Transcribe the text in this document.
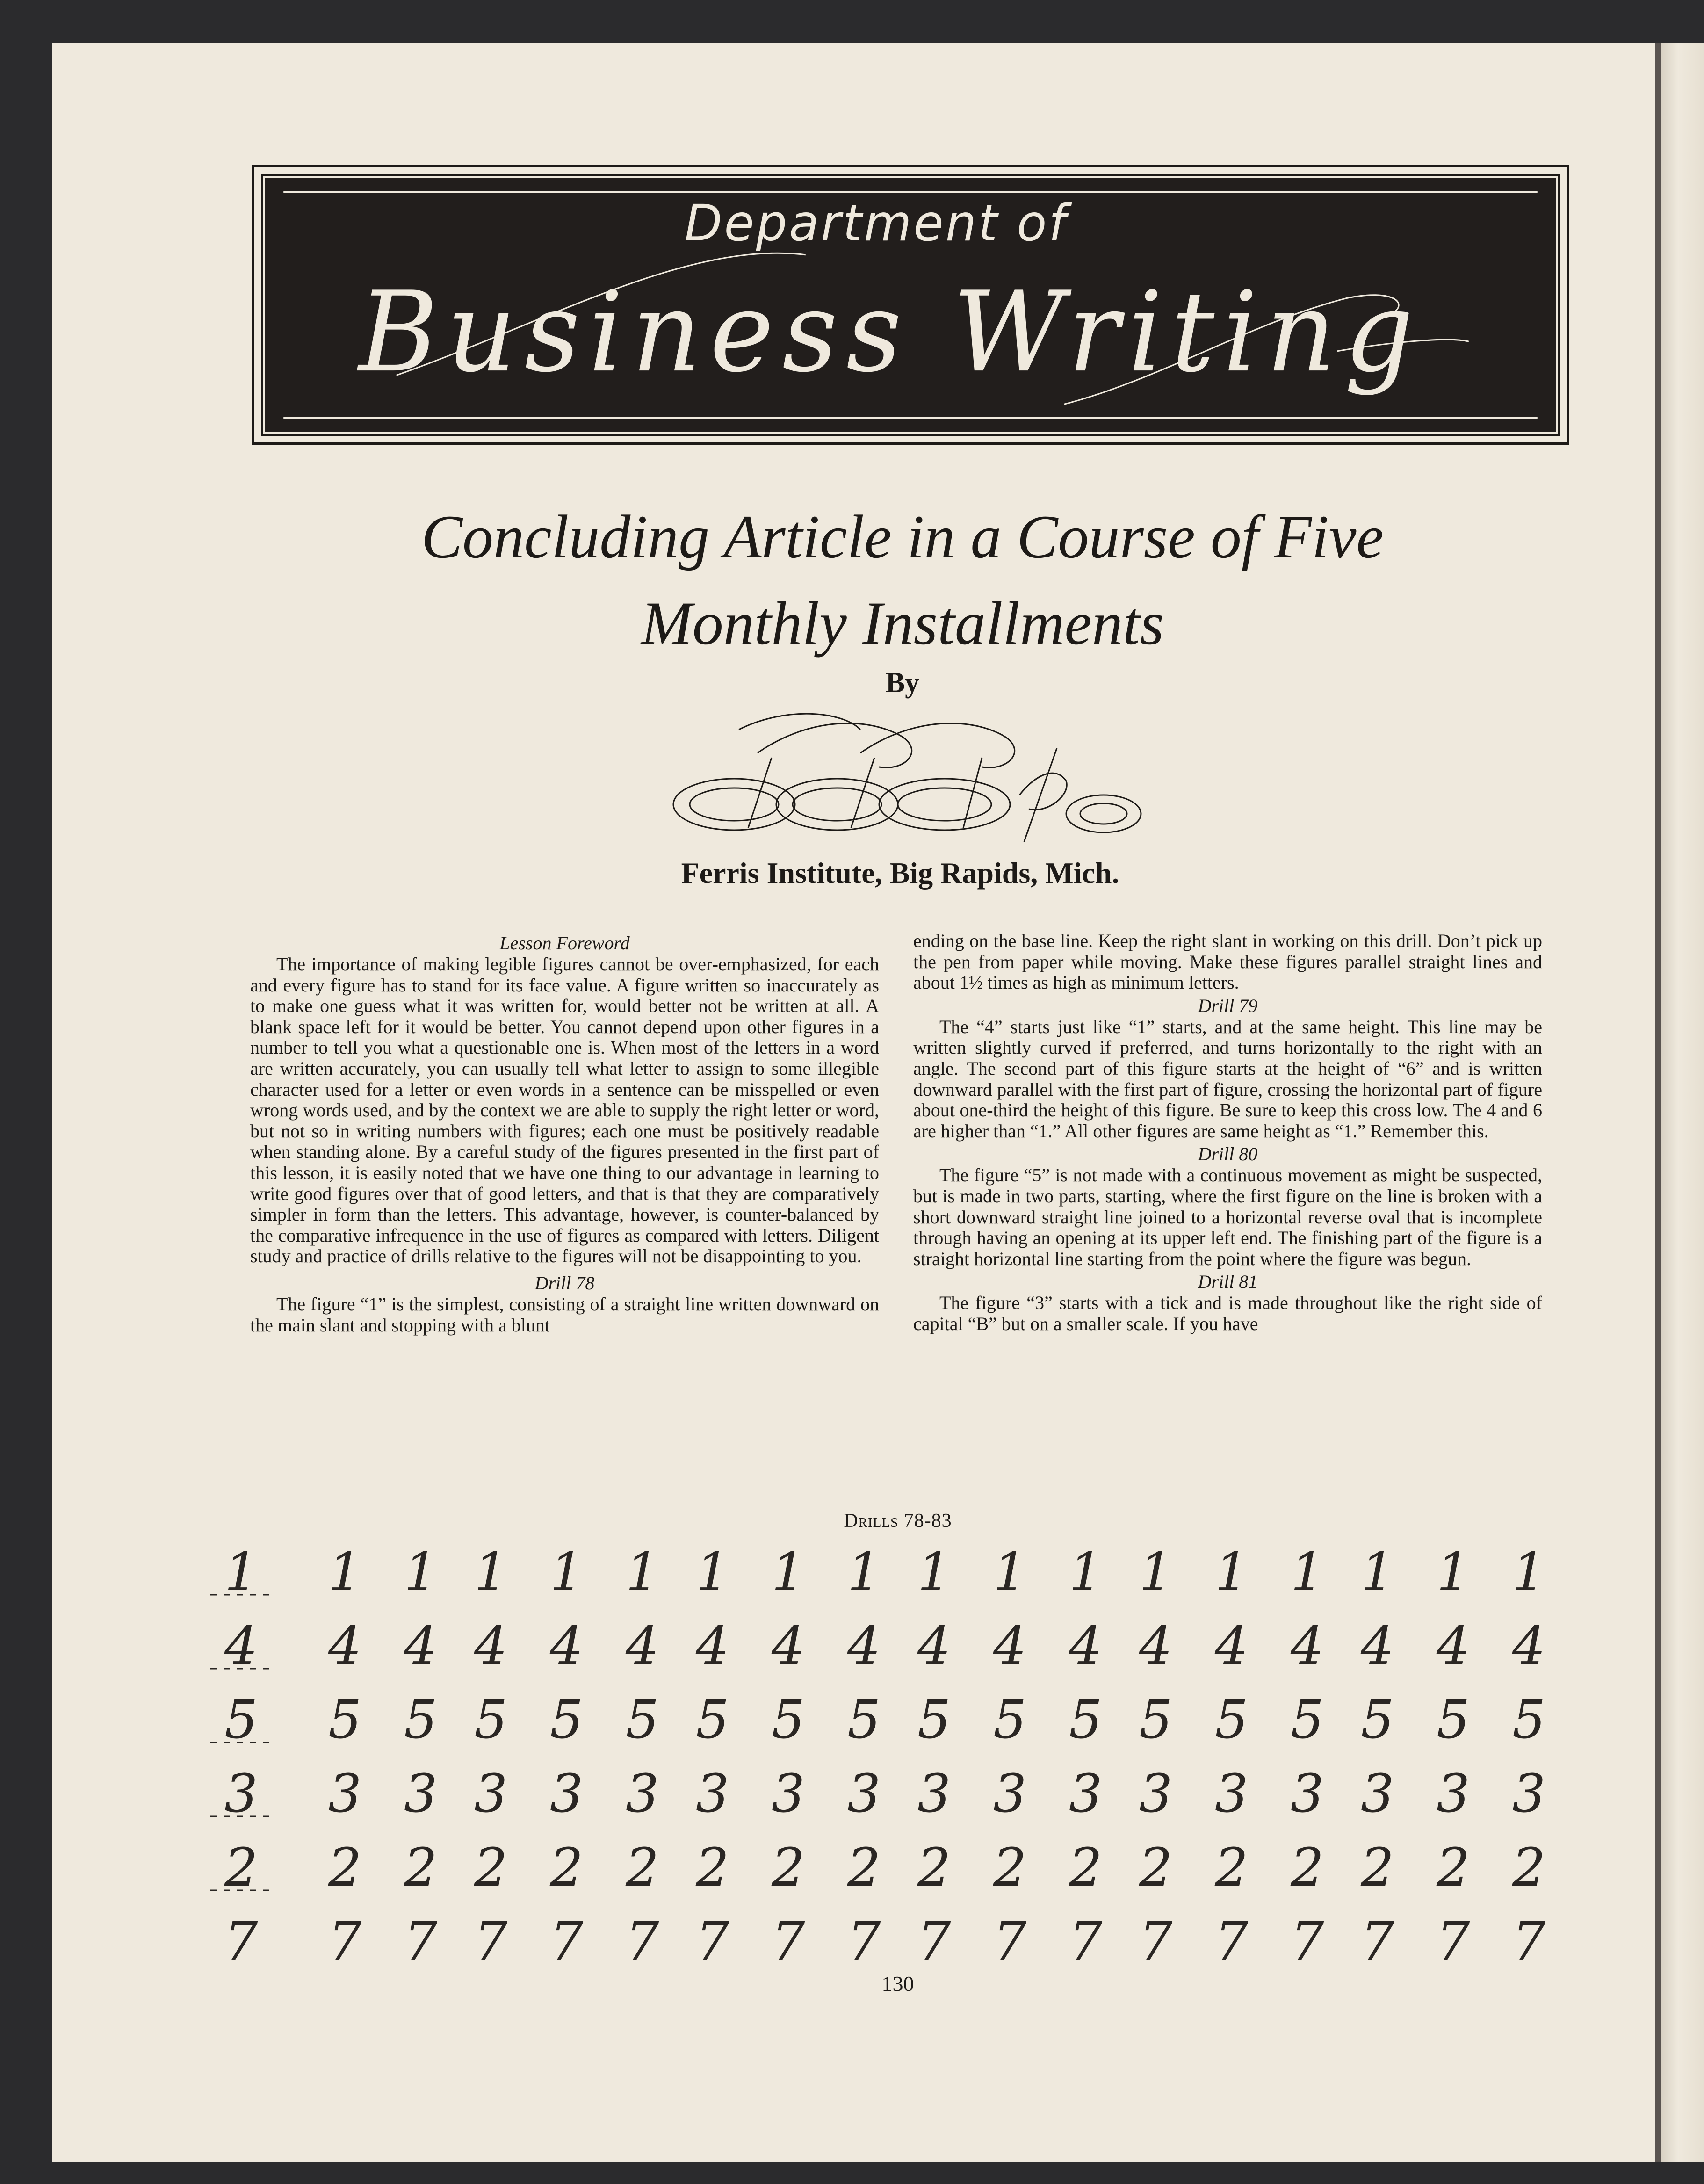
Department of
Business Writing
Concluding Article in a Course of Five
Monthly Installments
By
Ferris Institute, Big Rapids, Mich.

Lesson Foreword

The importance of making legible figures cannot be over-emphasized, for each and every figure has to stand for its face value. A figure written so inaccurately as to make one guess what it was written for, would better not be written at all. A blank space left for it would be better. You cannot depend upon other figures in a number to tell you what a questionable one is. When most of the letters in a word are written accurately, you can usually tell what letter to assign to some illegible character used for a letter or even words in a sentence can be misspelled or even wrong words used, and by the context we are able to supply the right letter or word, but not so in writing numbers with figures; each one must be positively readable when standing alone. By a careful study of the figures presented in the first part of this lesson, it is easily noted that we have one thing to our advantage in learning to write good figures over that of good letters, and that is that they are comparatively simpler in form than the letters. This advantage, however, is counter-balanced by the comparative infrequence in the use of figures as compared with letters. Diligent study and practice of drills relative to the figures will not be disappointing to you.

Drill 78

The figure “1” is the simplest, consisting of a straight line written downward on the main slant and stopping with a blunt

ending on the base line. Keep the right slant in working on this drill. Don’t pick up the pen from paper while moving. Make these figures parallel straight lines and about 1½ times as high as minimum letters.

Drill 79

The “4” starts just like “1” starts, and at the same height. This line may be written slightly curved if preferred, and turns horizontally to the right with an angle. The second part of this figure starts at the height of “6” and is written downward parallel with the first part of figure, crossing the horizontal part of figure about one-third the height of this figure. Be sure to keep this cross low. The 4 and 6 are higher than “1.” All other figures are same height as “1.” Remember this.

Drill 80

The figure “5” is not made with a continuous movement as might be suspected, but is made in two parts, starting, where the first figure on the line is broken with a short downward straight line joined to a horizontal reverse oval that is incomplete through having an opening at its upper left end. The finishing part of the figure is a straight horizontal line starting from the point where the figure was begun.

Drill 81

The figure “3” starts with a tick and is made throughout like the right side of capital “B” but on a smaller scale. If you have

Drills 78-83
1 1 1 1 1 1 1 1 1 1 1 1 1 1 1 1 1 1
4 4 4 4 4 4 4 4 4 4 4 4 4 4 4 4 4 4
5 5 5 5 5 5 5 5 5 5 5 5 5 5 5 5 5 5
3 3 3 3 3 3 3 3 3 3 3 3 3 3 3 3 3 3
2 2 2 2 2 2 2 2 2 2 2 2 2 2 2 2 2 2
7 7 7 7 7 7 7 7 7 7 7 7 7 7 7 7 7 7
130
